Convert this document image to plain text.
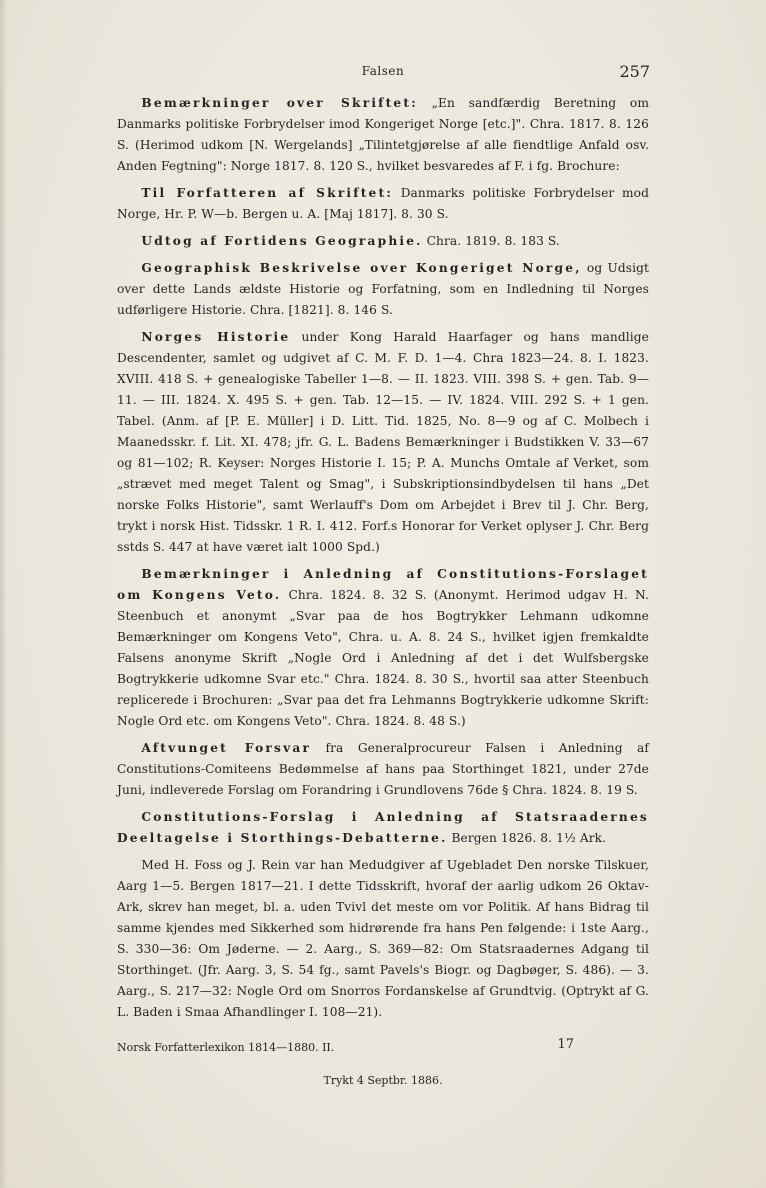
Falsen	257

Bemærkninger over Skriftet: „En sandfærdig Beretning om Danmarks politiske Forbrydelser imod Kongeriget Norge [etc.]". Chra. 1817. 8. 126 S. (Herimod udkom [N. Wergelands] „Tilintetgjørelse af alle fiendtlige Anfald osv. Anden Fegtning": Norge 1817. 8. 120 S., hvilket besvaredes af F. i fg. Brochure:

Til Forfatteren af Skriftet: Danmarks politiske Forbrydelser mod Norge, Hr. P. W—b. Bergen u. A. [Maj 1817]. 8. 30 S.

Udtog af Fortidens Geographie. Chra. 1819. 8. 183 S.

Geographisk Beskrivelse over Kongeriget Norge, og Udsigt over dette Lands ældste Historie og Forfatning, som en Indledning til Norges udførligere Historie. Chra. [1821]. 8. 146 S.

Norges Historie under Kong Harald Haarfager og hans mandlige Descendenter, samlet og udgivet af C. M. F. D. 1—4. Chra 1823—24. 8. I. 1823. XVIII. 418 S. + genealogiske Tabeller 1—8. — II. 1823. VIII. 398 S. + gen. Tab. 9—11. — III. 1824. X. 495 S. + gen. Tab. 12—15. — IV. 1824. VIII. 292 S. + 1 gen. Tabel. (Anm. af [P. E. Müller] i D. Litt. Tid. 1825, No. 8—9 og af C. Molbech i Maanedsskr. f. Lit. XI. 478; jfr. G. L. Badens Bemærkninger i Budstikken V. 33—67 og 81—102; R. Keyser: Norges Historie I. 15; P. A. Munchs Omtale af Verket, som „strævet med meget Talent og Smag", i Subskriptionsindbydelsen til hans „Det norske Folks Historie", samt Werlauff's Dom om Arbejdet i Brev til J. Chr. Berg, trykt i norsk Hist. Tidsskr. 1 R. I. 412. Forf.s Honorar for Verket oplyser J. Chr. Berg sstds S. 447 at have været ialt 1000 Spd.)

Bemærkninger i Anledning af Constitutions-Forslaget om Kongens Veto. Chra. 1824. 8. 32 S. (Anonymt. Herimod udgav H. N. Steenbuch et anonymt „Svar paa de hos Bogtrykker Lehmann udkomne Bemærkninger om Kongens Veto", Chra. u. A. 8. 24 S., hvilket igjen fremkaldte Falsens anonyme Skrift „Nogle Ord i Anledning af det i det Wulfsbergske Bogtrykkerie udkomne Svar etc." Chra. 1824. 8. 30 S., hvortil saa atter Steenbuch replicerede i Brochuren: „Svar paa det fra Lehmanns Bogtrykkerie udkomne Skrift: Nogle Ord etc. om Kongens Veto". Chra. 1824. 8. 48 S.)

Aftvunget Forsvar fra Generalprocureur Falsen i Anledning af Constitutions-Comiteens Bedømmelse af hans paa Storthinget 1821, under 27de Juni, indleverede Forslag om Forandring i Grundlovens 76de § Chra. 1824. 8. 19 S.

Constitutions-Forslag i Anledning af Statsraadernes Deeltagelse i Storthings-Debatterne. Bergen 1826. 8. 1½ Ark.

Med H. Foss og J. Rein var han Medudgiver af Ugebladet Den norske Tilskuer, Aarg 1—5. Bergen 1817—21. I dette Tidsskrift, hvoraf der aarlig udkom 26 Oktav-Ark, skrev han meget, bl. a. uden Tvivl det meste om vor Politik. Af hans Bidrag til samme kjendes med Sikkerhed som hidrørende fra hans Pen følgende: i 1ste Aarg., S. 330—36: Om Jøderne. — 2. Aarg., S. 369—82: Om Statsraadernes Adgang til Storthinget. (Jfr. Aarg. 3, S. 54 fg., samt Pavels's Biogr. og Dagbøger, S. 486). — 3. Aarg., S. 217—32: Nogle Ord om Snorros Fordanskelse af Grundtvig. (Optrykt af G. L. Baden i Smaa Afhandlinger I. 108—21).

Norsk Forfatterlexikon 1814—1880. II.	17
Trykt 4 Septbr. 1886.
